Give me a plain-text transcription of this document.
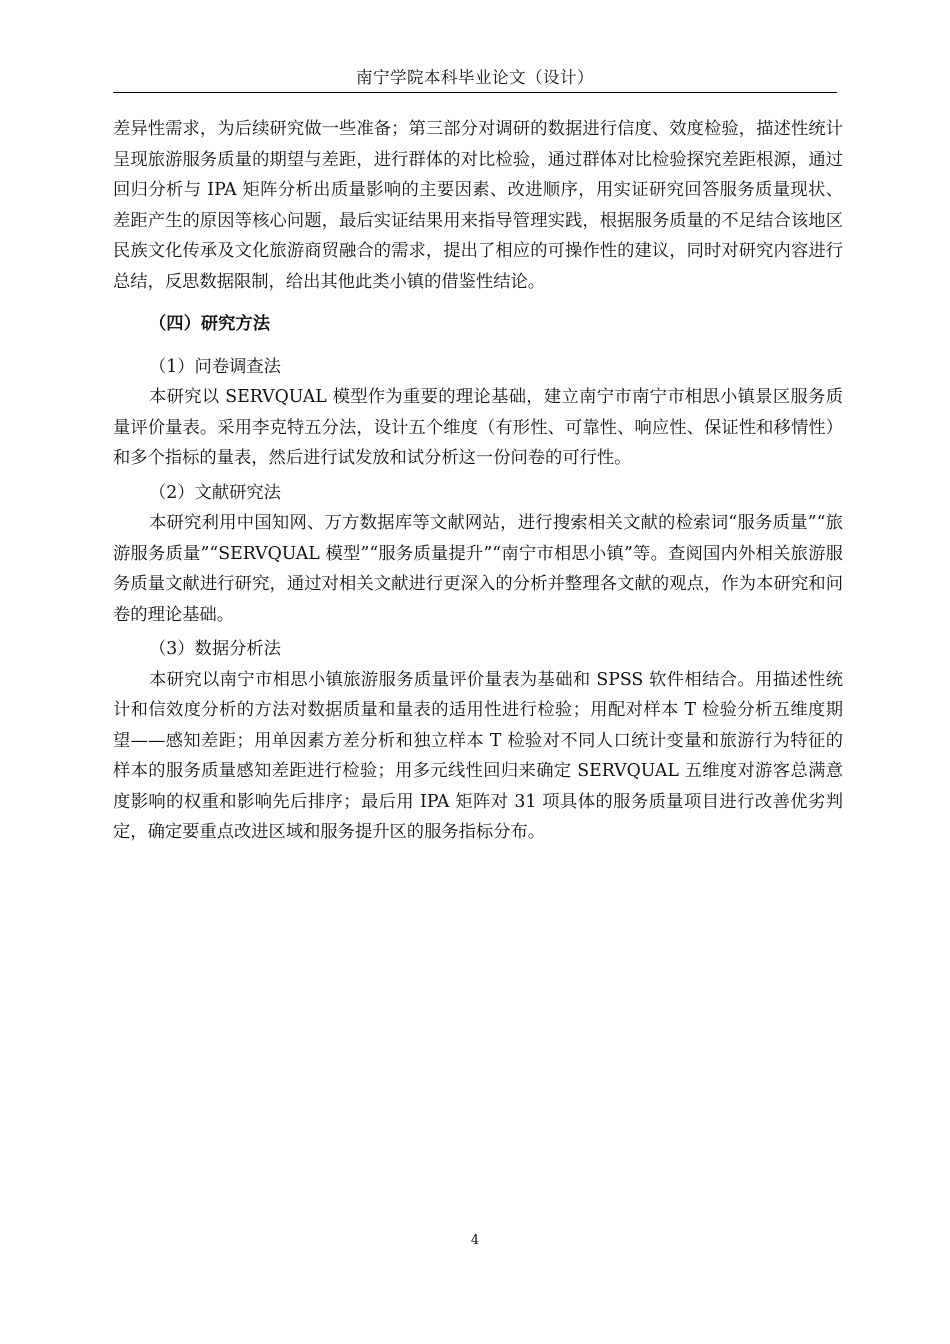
南宁学院本科毕业论文（设计）

差异性需求，为后续研究做一些准备；第三部分对调研的数据进行信度、效度检验，描述性统计呈现旅游服务质量的期望与差距，进行群体的对比检验，通过群体对比检验探究差距根源，通过回归分析与 IPA 矩阵分析出质量影响的主要因素、改进顺序，用实证研究回答服务质量现状、差距产生的原因等核心问题，最后实证结果用来指导管理实践，根据服务质量的不足结合该地区民族文化传承及文化旅游商贸融合的需求，提出了相应的可操作性的建议，同时对研究内容进行总结，反思数据限制，给出其他此类小镇的借鉴性结论。

（四）研究方法

（1）问卷调查法

本研究以 SERVQUAL 模型作为重要的理论基础，建立南宁市南宁市相思小镇景区服务质量评价量表。采用李克特五分法，设计五个维度（有形性、可靠性、响应性、保证性和移情性）和多个指标的量表，然后进行试发放和试分析这一份问卷的可行性。

（2）文献研究法

本研究利用中国知网、万方数据库等文献网站，进行搜索相关文献的检索词“服务质量”“旅游服务质量”“SERVQUAL 模型”“服务质量提升”“南宁市相思小镇”等。查阅国内外相关旅游服务质量文献进行研究，通过对相关文献进行更深入的分析并整理各文献的观点，作为本研究和问卷的理论基础。

（3）数据分析法

本研究以南宁市相思小镇旅游服务质量评价量表为基础和 SPSS 软件相结合。用描述性统计和信效度分析的方法对数据质量和量表的适用性进行检验；用配对样本 T 检验分析五维度期望——感知差距；用单因素方差分析和独立样本 T 检验对不同人口统计变量和旅游行为特征的样本的服务质量感知差距进行检验；用多元线性回归来确定 SERVQUAL 五维度对游客总满意度影响的权重和影响先后排序；最后用 IPA 矩阵对 31 项具体的服务质量项目进行改善优劣判定，确定要重点改进区域和服务提升区的服务指标分布。

4
